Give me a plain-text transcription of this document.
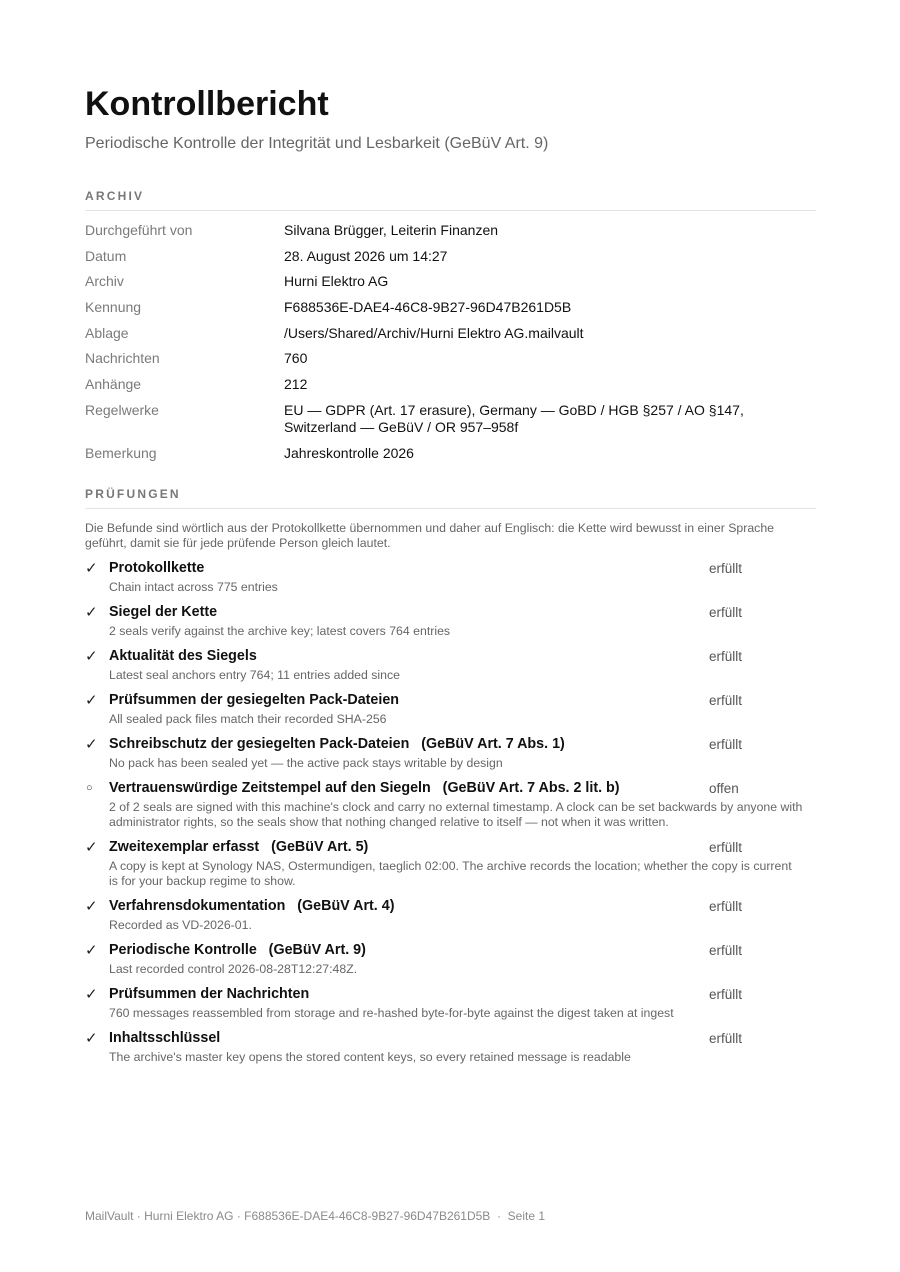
Kontrollbericht
Periodische Kontrolle der Integrität und Lesbarkeit (GeBüV Art. 9)
ARCHIV
Durchgeführt von	Silvana Brügger, Leiterin Finanzen
Datum	28. August 2026 um 14:27
Archiv	Hurni Elektro AG
Kennung	F688536E-DAE4-46C8-9B27-96D47B261D5B
Ablage	/Users/Shared/Archiv/Hurni Elektro AG.mailvault
Nachrichten	760
Anhänge	212
Regelwerke	EU — GDPR (Art. 17 erasure), Germany — GoBD / HGB §257 / AO §147, Switzerland — GeBüV / OR 957–958f
Bemerkung	Jahreskontrolle 2026
PRÜFUNGEN
Die Befunde sind wörtlich aus der Protokollkette übernommen und daher auf Englisch: die Kette wird bewusst in einer Sprache geführt, damit sie für jede prüfende Person gleich lautet.
✓ Protokollkette	erfüllt
Chain intact across 775 entries
✓ Siegel der Kette	erfüllt
2 seals verify against the archive key; latest covers 764 entries
✓ Aktualität des Siegels	erfüllt
Latest seal anchors entry 764; 11 entries added since
✓ Prüfsummen der gesiegelten Pack-Dateien	erfüllt
All sealed pack files match their recorded SHA-256
✓ Schreibschutz der gesiegelten Pack-Dateien   (GeBüV Art. 7 Abs. 1)	erfüllt
No pack has been sealed yet — the active pack stays writable by design
○	Vertrauenswürdige Zeitstempel auf den Siegeln   (GeBüV Art. 7 Abs. 2 lit. b)	offen
2 of 2 seals are signed with this machine's clock and carry no external timestamp. A clock can be set backwards by anyone with administrator rights, so the seals show that nothing changed relative to itself — not when it was written.
✓ Zweitexemplar erfasst   (GeBüV Art. 5)	erfüllt
A copy is kept at Synology NAS, Ostermundigen, taeglich 02:00. The archive records the location; whether the copy is current is for your backup regime to show.
✓ Verfahrensdokumentation   (GeBüV Art. 4)	erfüllt
Recorded as VD-2026-01.
✓ Periodische Kontrolle   (GeBüV Art. 9)	erfüllt
Last recorded control 2026-08-28T12:27:48Z.
✓ Prüfsummen der Nachrichten	erfüllt
760 messages reassembled from storage and re-hashed byte-for-byte against the digest taken at ingest
✓ Inhaltsschlüssel	erfüllt
The archive's master key opens the stored content keys, so every retained message is readable
MailVault · Hurni Elektro AG · F688536E-DAE4-46C8-9B27-96D47B261D5B  ·  Seite 1
